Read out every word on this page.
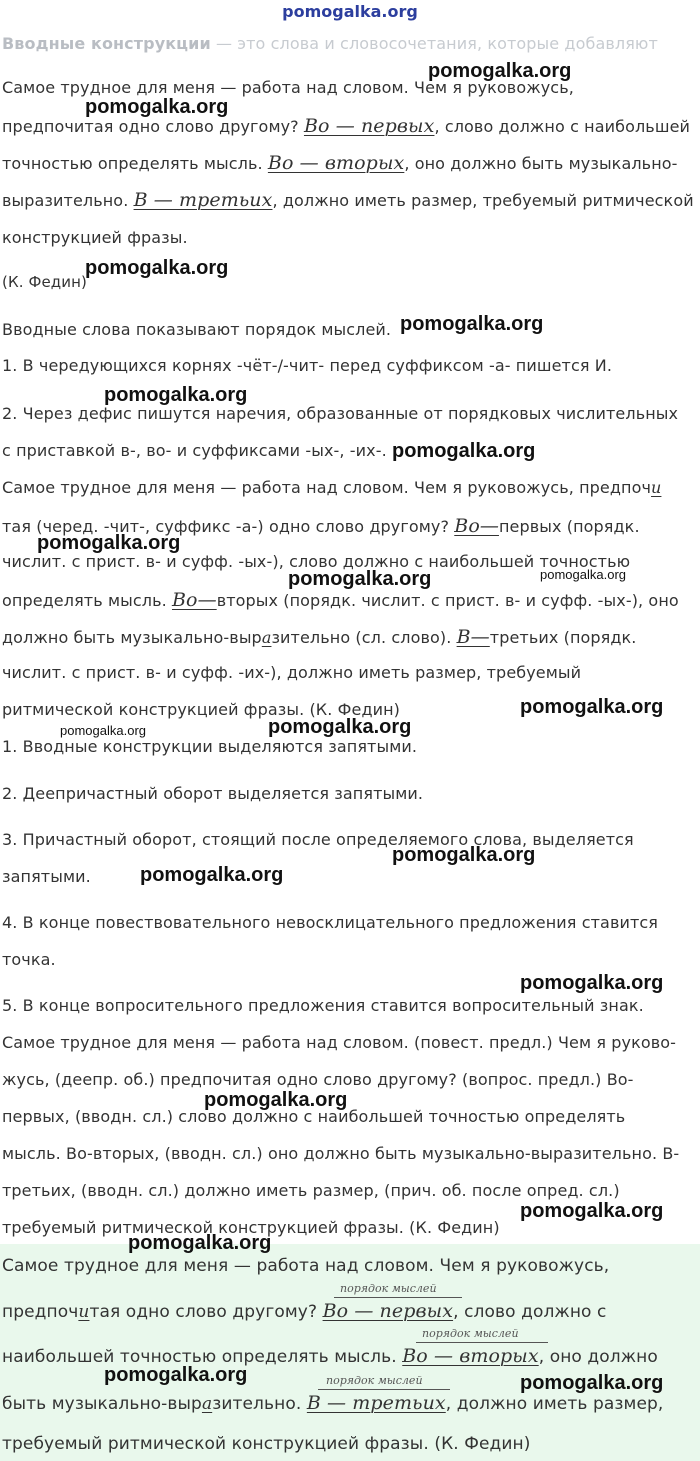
pomogalka.org
Вводные конструкции — это слова и словосочетания, которые добавляют
Самое трудное для меня — работа над словом. Чем я руковожусь,
предпочитая одно слово другому? Во — первых, слово должно с наибольшей
точностью определять мысль. Во — вторых, оно должно быть музыкально-
выразительно. В — третьих, должно иметь размер, требуемый ритмической
конструкцией фразы.
(К. Федин)
Вводные слова показывают порядок мыслей.
1. В чередующихся корнях -чёт-/-чит- перед суффиксом -а- пишется И.
2. Через дефис пишутся наречия, образованные от порядковых числительных
с приставкой в-, во- и суффиксами -ых-, -их-.
Самое трудное для меня — работа над словом. Чем я руковожусь, предпочи
тая (черед. -чит-, суффикс -а-) одно слово другому? Во—первых (порядк.
числит. с прист. в- и суфф. -ых-), слово должно с наибольшей точностью
определять мысль. Во—вторых (порядк. числит. с прист. в- и суфф. -ых-), оно
должно быть музыкально-выразительно (сл. слово). В—третьих (порядк.
числит. с прист. в- и суфф. -их-), должно иметь размер, требуемый
ритмической конструкцией фразы. (К. Федин)
1. Вводные конструкции выделяются запятыми.
2. Деепричастный оборот выделяется запятыми.
3. Причастный оборот, стоящий после определяемого слова, выделяется
запятыми.
4. В конце повествовательного невосклицательного предложения ставится
точка.
5. В конце вопросительного предложения ставится вопросительный знак.
Самое трудное для меня — работа над словом. (повест. предл.) Чем я руково-
жусь, (деепр. об.) предпочитая одно слово другому? (вопрос. предл.) Во-
первых, (вводн. сл.) слово должно с наибольшей точностью определять
мысль. Во-вторых, (вводн. сл.) оно должно быть музыкально-выразительно. В-
третьих, (вводн. сл.) должно иметь размер, (прич. об. после опред. сл.)
требуемый ритмической конструкцией фразы. (К. Федин)
Самое трудное для меня — работа над словом. Чем я руковожусь,
порядок мыслей
предпочитая одно слово другому? Во — первых, слово должно с
порядок мыслей
наибольшей точностью определять мысль. Во — вторых, оно должно
порядок мыслей
быть музыкально-выразительно. В — третьих, должно иметь размер,
требуемый ритмической конструкцией фразы. (К. Федин)
pomogalka.org
pomogalka.org
pomogalka.org
pomogalka.org
pomogalka.org
pomogalka.org
pomogalka.org
pomogalka.org	pomogalka.org
pomogalka.org
pomogalka.org	pomogalka.org
pomogalka.org
pomogalka.org
pomogalka.org
pomogalka.org
pomogalka.org
pomogalka.org
pomogalka.org	pomogalka.org
